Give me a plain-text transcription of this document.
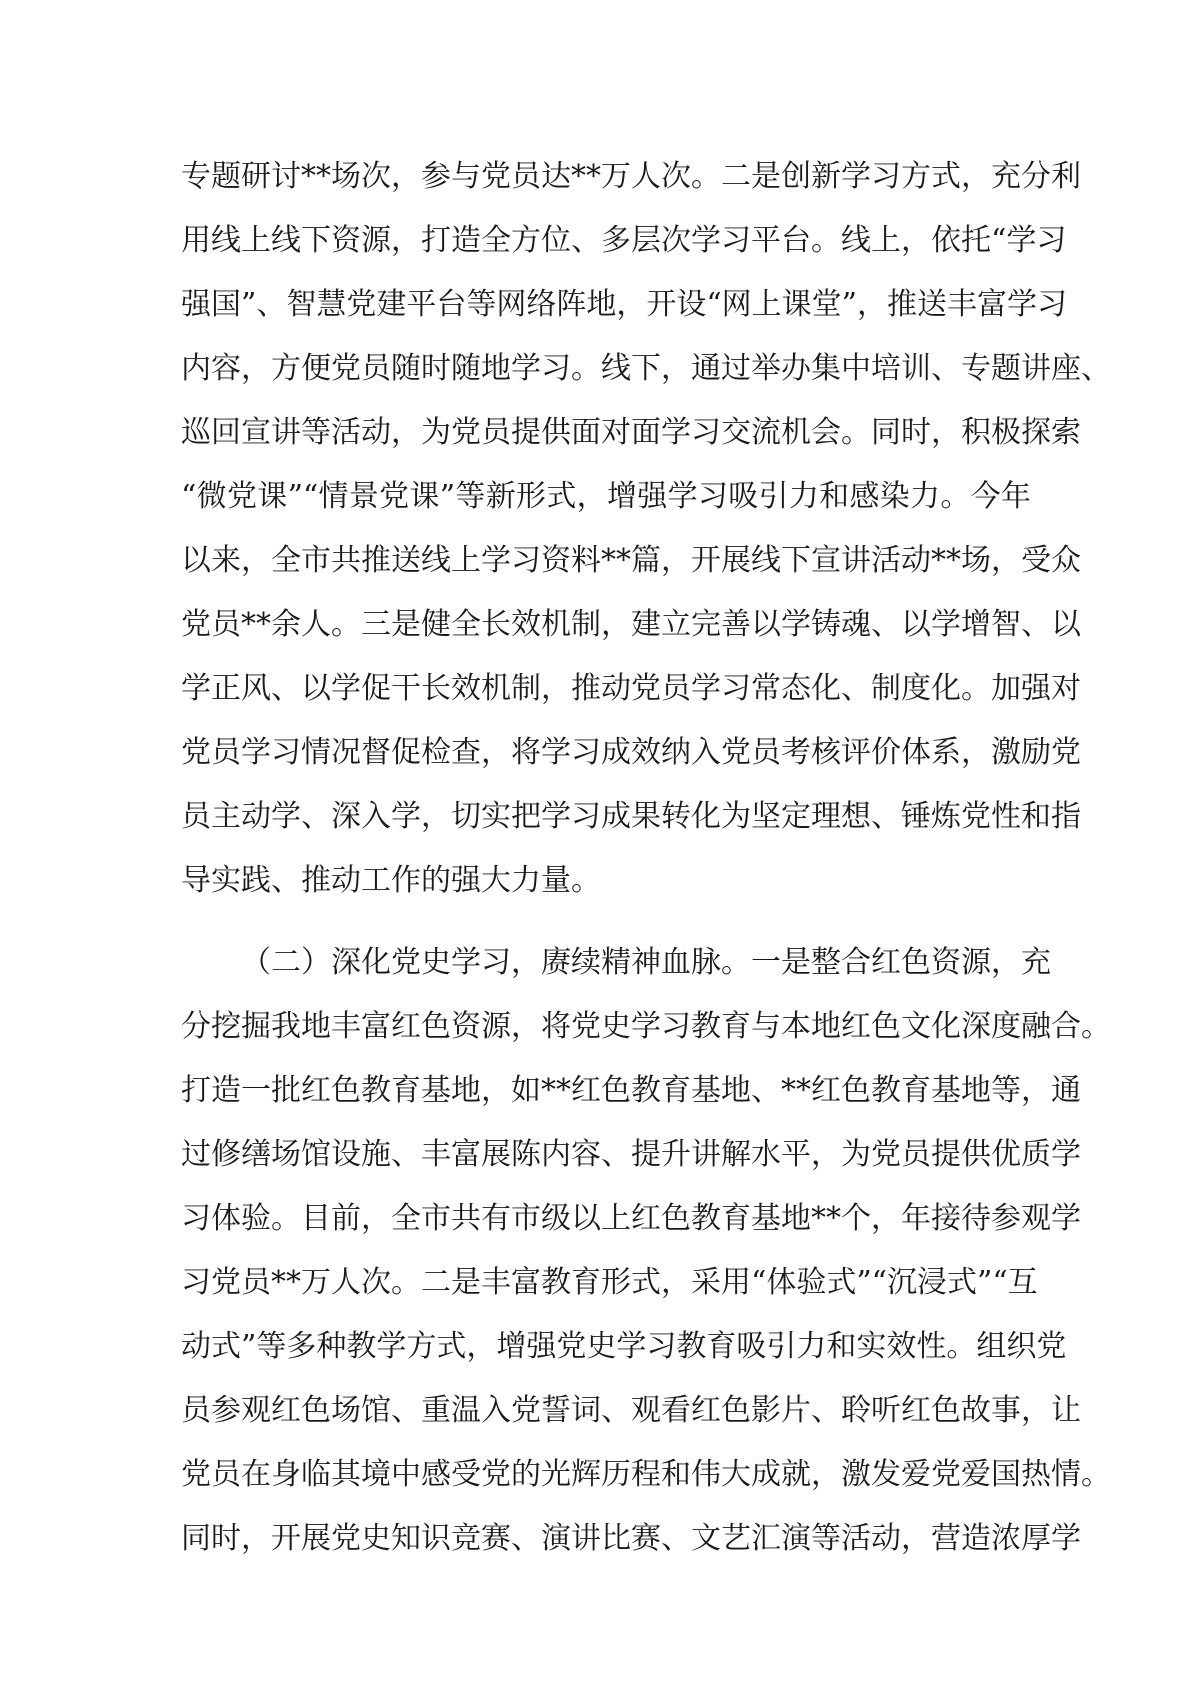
专题研讨**场次，参与党员达**万人次。二是创新学习方式，充分利
用线上线下资源，打造全方位、多层次学习平台。线上，依托“学习
强国”、智慧党建平台等网络阵地，开设“网上课堂”，推送丰富学习
内容，方便党员随时随地学习。线下，通过举办集中培训、专题讲座、
巡回宣讲等活动，为党员提供面对面学习交流机会。同时，积极探索
“微党课”“情景党课”等新形式，增强学习吸引力和感染力。今年
以来，全市共推送线上学习资料**篇，开展线下宣讲活动**场，受众
党员**余人。三是健全长效机制，建立完善以学铸魂、以学增智、以
学正风、以学促干长效机制，推动党员学习常态化、制度化。加强对
党员学习情况督促检查，将学习成效纳入党员考核评价体系，激励党
员主动学、深入学，切实把学习成果转化为坚定理想、锤炼党性和指
导实践、推动工作的强大力量。
（二）深化党史学习，赓续精神血脉。一是整合红色资源，充
分挖掘我地丰富红色资源，将党史学习教育与本地红色文化深度融合。
打造一批红色教育基地，如**红色教育基地、**红色教育基地等，通
过修缮场馆设施、丰富展陈内容、提升讲解水平，为党员提供优质学
习体验。目前，全市共有市级以上红色教育基地**个，年接待参观学
习党员**万人次。二是丰富教育形式，采用“体验式”“沉浸式”“互
动式”等多种教学方式，增强党史学习教育吸引力和实效性。组织党
员参观红色场馆、重温入党誓词、观看红色影片、聆听红色故事，让
党员在身临其境中感受党的光辉历程和伟大成就，激发爱党爱国热情。
同时，开展党史知识竞赛、演讲比赛、文艺汇演等活动，营造浓厚学
